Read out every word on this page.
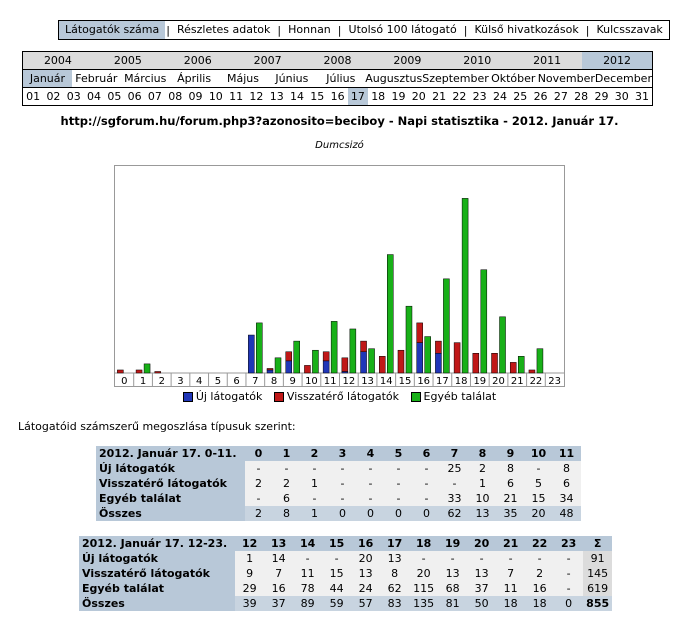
Látogatók száma | Részletes adatok | Honnan | Utolsó 100 látogató | Külső hivatkozások | Kulcsszavak
2004	2005	2006	2007	2008	2009	2010	2011	2012
Január Február Március Április	Május	Június	Július Augusztus Szeptember Október November December
01 02 03 04 05 06 07 08 09 10 11 12 13 14 15 16 17 18 19 20 21 22 23 24 25 26 27 28 29 30 31
http://sgforum.hu/forum.php3?azonosito=beciboy - Napi statisztika - 2012. Január 17.
Dumcsizó
0 1 2 3 4 5 6 7 8 9 10 11 12 13 14 15 16 17 18 19 20 21 22 23
Új látogatók Visszatérő látogatók Egyéb találat
Látogatóid számszerű megoszlása típusuk szerint:
2012. Január 17. 0-11.	0	1	2	3	4	5	6	7	8	9	10	11
Új látogatók	-	-	-	-	-	-	-	25	2	8	-	8
Visszatérő látogatók	2	2	1	-	-	-	-	-	1	6	5	6
Egyéb találat	-	6	-	-	-	-	-	33	10	21	15	34
Összes	2	8	1	0	0	0	0	62	13	35	20	48
2012. Január 17. 12-23.	12	13	14	15	16	17	18	19	20	21	22	23	Σ
Új látogatók	1	14	-	-	20	13	-	-	-	-	-	-	91
Visszatérő látogatók	9	7	11	15	13	8	20	13	13	7	2	-	145
Egyéb találat	29	16	78	44	24	62	115	68	37	11	16	-	619
Összes	39	37	89	59	57	83	135	81	50	18	18	0	855
